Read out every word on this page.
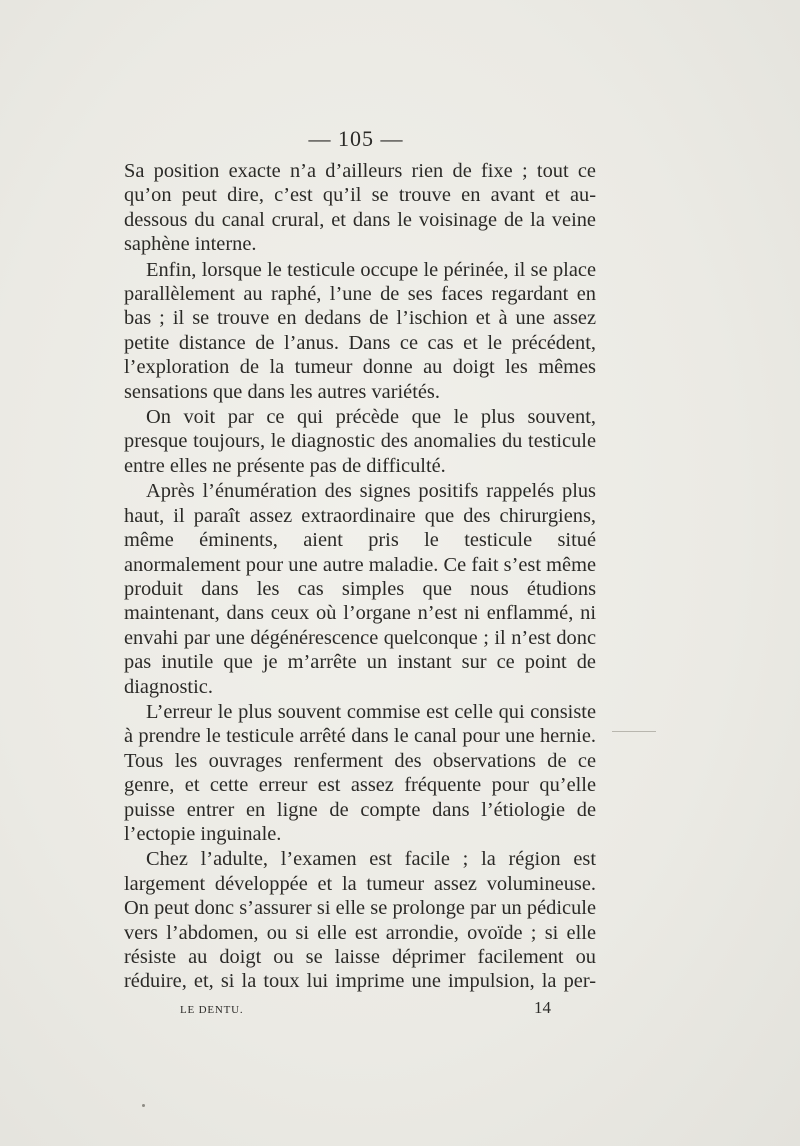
— 105 —

Sa position exacte n’a d’ailleurs rien de fixe ; tout ce qu’on peut dire, c’est qu’il se trouve en avant et au-dessous du canal crural, et dans le voisinage de la veine saphène interne.

Enfin, lorsque le testicule occupe le périnée, il se place parallèlement au raphé, l’une de ses faces regardant en bas ; il se trouve en dedans de l’ischion et à une assez petite distance de l’anus. Dans ce cas et le précédent, l’exploration de la tumeur donne au doigt les mêmes sensations que dans les autres variétés.

On voit par ce qui précède que le plus souvent, presque toujours, le diagnostic des anomalies du testicule entre elles ne présente pas de difficulté.

Après l’énumération des signes positifs rappelés plus haut, il paraît assez extraordinaire que des chirurgiens, même éminents, aient pris le testicule situé anormalement pour une autre maladie. Ce fait s’est même produit dans les cas simples que nous étudions maintenant, dans ceux où l’organe n’est ni enflammé, ni envahi par une dégénérescence quelconque ; il n’est donc pas inutile que je m’arrête un instant sur ce point de diagnostic.

L’erreur le plus souvent commise est celle qui consiste à prendre le testicule arrêté dans le canal pour une hernie. Tous les ouvrages renferment des observations de ce genre, et cette erreur est assez fréquente pour qu’elle puisse entrer en ligne de compte dans l’étiologie de l’ectopie inguinale.

Chez l’adulte, l’examen est facile ; la région est largement développée et la tumeur assez volumineuse. On peut donc s’assurer si elle se prolonge par un pédicule vers l’abdomen, ou si elle est arrondie, ovoïde ; si elle résiste au doigt ou se laisse déprimer facilement ou réduire, et, si la toux lui imprime une impulsion, la per-

LE DENTU.	14
